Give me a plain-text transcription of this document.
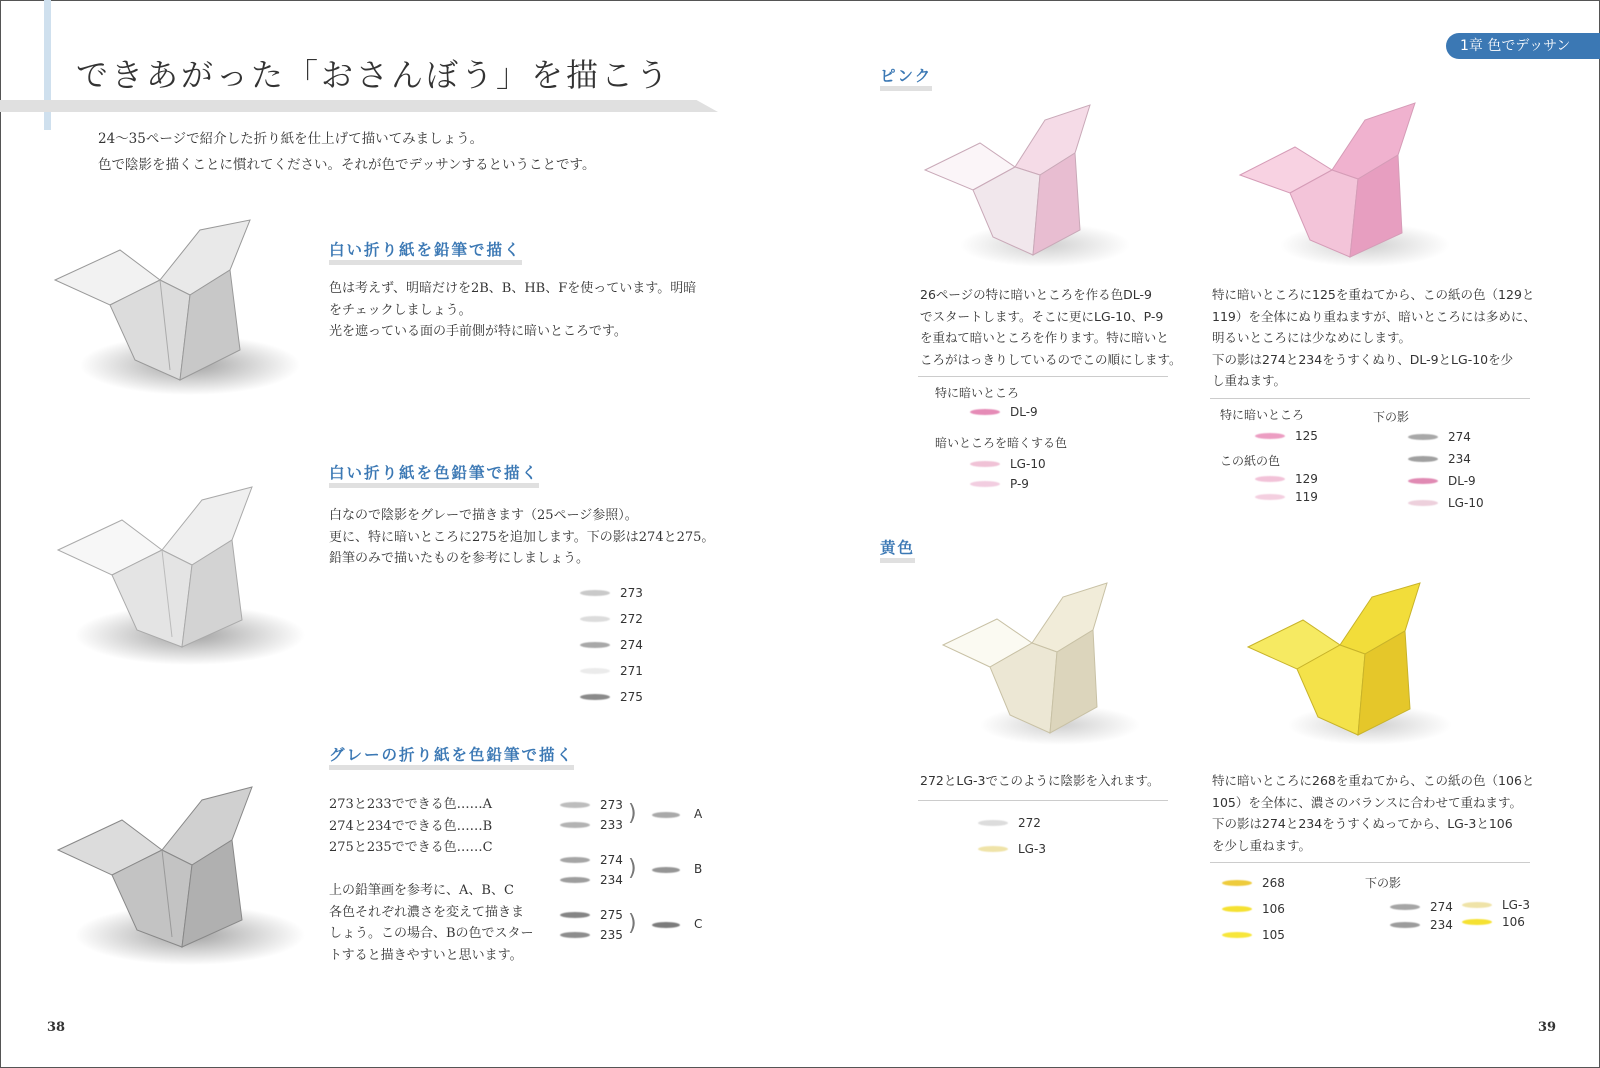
できあがった「おさんぼう」を描こう
24〜35ページで紹介した折り紙を仕上げて描いてみましょう。
色で陰影を描くことに慣れてください。それが色でデッサンするということです。
白い折り紙を鉛筆で描く
色は考えず、明暗だけを2B、B、HB、Fを使っています。明暗
をチェックしましょう。
光を遮っている面の手前側が特に暗いところです。
白い折り紙を色鉛筆で描く
白なので陰影をグレーで描きます（25ページ参照）。
更に、特に暗いところに275を追加します。下の影は274と275。
鉛筆のみで描いたものを参考にしましょう。
273
272
274
271
275
グレーの折り紙を色鉛筆で描く
273と233でできる色……A
274と234でできる色……B
275と235でできる色……C
上の鉛筆画を参考に、A、B、C
各色それぞれ濃さを変えて描きま
しょう。この場合、Bの色でスター
トすると描きやすいと思います。
273
233 )	A
274
234 )	B
275
235 )	C
38
1章 色でデッサン
ピンク
26ページの特に暗いところを作る色DL-9
でスタートします。そこに更にLG-10、P-9
を重ねて暗いところを作ります。特に暗いと
ころがはっきりしているのでこの順にします。
特に暗いところ
DL-9
暗いところを暗くする色
LG-10
P-9
特に暗いところに125を重ねてから、この紙の色（129と
119）を全体にぬり重ねますが、暗いところには多めに、
明るいところには少なめにします。
下の影は274と234をうすくぬり、DL-9とLG-10を少
し重ねます。
特に暗いところ
125
この紙の色
129
119
下の影
274
234
DL-9
LG-10
黄色
272とLG-3でこのように陰影を入れます。
272
LG-3
特に暗いところに268を重ねてから、この紙の色（106と
105）を全体に、濃さのバランスに合わせて重ねます。
下の影は274と234をうすくぬってから、LG-3と106
を少し重ねます。
268
106
105
下の影
274
234
LG-3
106
39
